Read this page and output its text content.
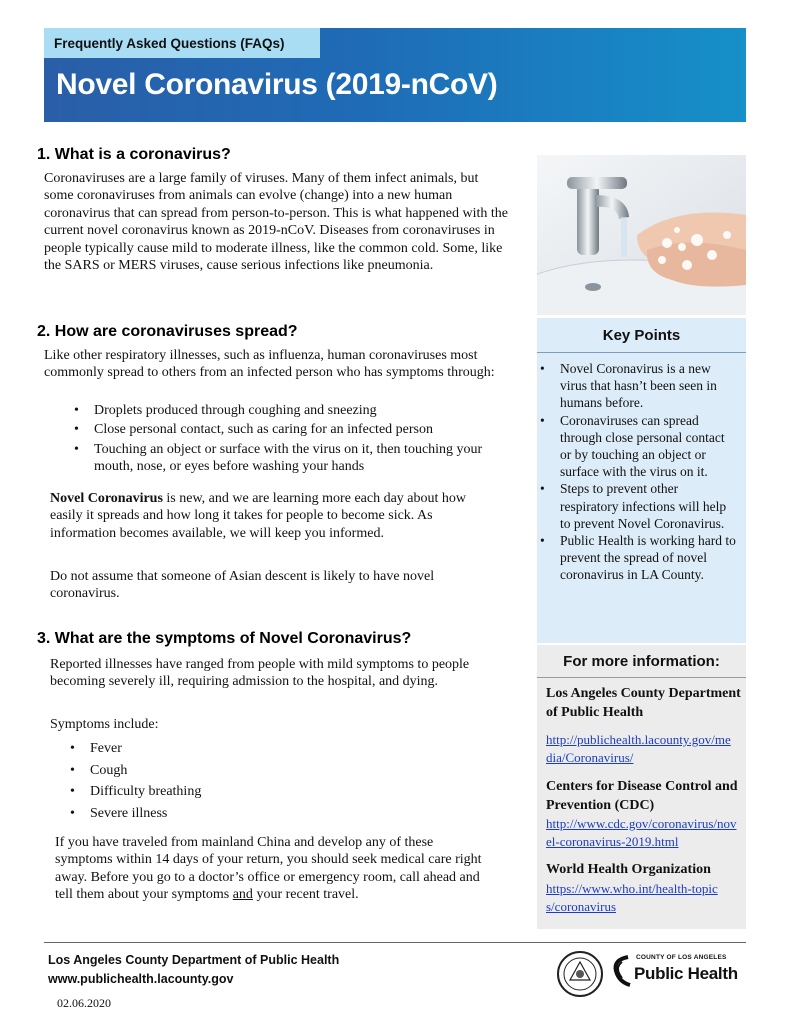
Frequently Asked Questions (FAQs)
Novel Coronavirus (2019-nCoV)
1. What is a coronavirus?
Coronaviruses are a large family of viruses. Many of them infect animals, but some coronaviruses from animals can evolve (change) into a new human coronavirus that can spread from person-to-person. This is what happened with the current novel coronavirus known as 2019-nCoV. Diseases from coronaviruses in people typically cause mild to moderate illness, like the common cold. Some, like the SARS or MERS viruses, cause serious infections like pneumonia.
2. How are coronaviruses spread?
Like other respiratory illnesses, such as influenza, human coronaviruses most commonly spread to others from an infected person who has symptoms through:
• Droplets produced through coughing and sneezing
• Close personal contact, such as caring for an infected person
• Touching an object or surface with the virus on it, then touching your mouth, nose, or eyes before washing your hands
Novel Coronavirus is new, and we are learning more each day about how easily it spreads and how long it takes for people to become sick. As information becomes available, we will keep you informed.
Do not assume that someone of Asian descent is likely to have novel coronavirus.
3. What are the symptoms of Novel Coronavirus?
Reported illnesses have ranged from people with mild symptoms to people becoming severely ill, requiring admission to the hospital, and dying.
Symptoms include:
• Fever
• Cough
• Difficulty breathing
• Severe illness
If you have traveled from mainland China and develop any of these symptoms within 14 days of your return, you should seek medical care right away. Before you go to a doctor’s office or emergency room, call ahead and tell them about your symptoms and your recent travel.
Key Points
• Novel Coronavirus is a new virus that hasn’t been seen in humans before.
• Coronaviruses can spread through close personal contact or by touching an object or surface with the virus on it.
• Steps to prevent other respiratory infections will help to prevent Novel Coronavirus.
• Public Health is working hard to prevent the spread of novel coronavirus in LA County.
For more information:
Los Angeles County Department of Public Health
http://publichealth.lacounty.gov/media/Coronavirus/
Centers for Disease Control and Prevention (CDC)
http://www.cdc.gov/coronavirus/novel-coronavirus-2019.html
World Health Organization
https://www.who.int/health-topics/coronavirus
Los Angeles County Department of Public Health
www.publichealth.lacounty.gov
02.06.2020
COUNTY OF LOS ANGELES
Public Health
